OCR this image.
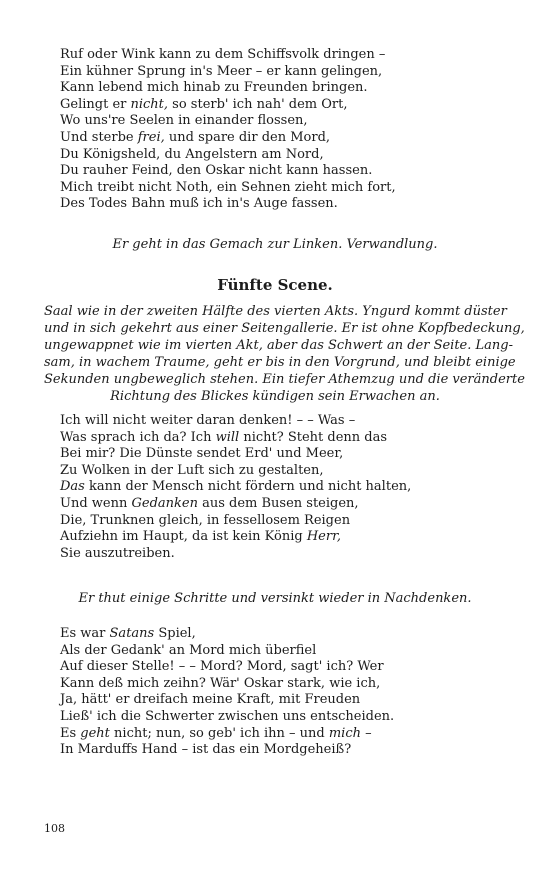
Ruf oder Wink kann zu dem Schiffsvolk dringen –
Ein kühner Sprung in's Meer – er kann gelingen,
Kann lebend mich hinab zu Freunden bringen.
Gelingt er nicht, so sterb' ich nah' dem Ort,
Wo uns're Seelen in einander flossen,
Und sterbe frei, und spare dir den Mord,
Du Königsheld, du Angelstern am Nord,
Du rauher Feind, den Oskar nicht kann hassen.
Mich treibt nicht Noth, ein Sehnen zieht mich fort,
Des Todes Bahn muß ich in's Auge fassen.

Er geht in das Gemach zur Linken. Verwandlung.

Fünfte Scene.
Saal wie in der zweiten Hälfte des vierten Akts. Yngurd kommt düster
und in sich gekehrt aus einer Seitengallerie. Er ist ohne Kopfbedeckung,
ungewappnet wie im vierten Akt, aber das Schwert an der Seite. Lang-
sam, in wachem Traume, geht er bis in den Vorgrund, und bleibt einige
Sekunden ungbeweglich stehen. Ein tiefer Athemzug und die veränderte
Richtung des Blickes kündigen sein Erwachen an.
Ich will nicht weiter daran denken! – – Was –
Was sprach ich da? Ich will nicht? Steht denn das
Bei mir? Die Dünste sendet Erd' und Meer,
Zu Wolken in der Luft sich zu gestalten,
Das kann der Mensch nicht fördern und nicht halten,
Und wenn Gedanken aus dem Busen steigen,
Die, Trunknen gleich, in fessellosem Reigen
Aufziehn im Haupt, da ist kein König Herr,
Sie auszutreiben.

Er thut einige Schritte und versinkt wieder in Nachdenken.

Es war Satans Spiel,
Als der Gedank' an Mord mich überfiel
Auf dieser Stelle! – – Mord? Mord, sagt' ich? Wer
Kann deß mich zeihn? Wär' Oskar stark, wie ich,
Ja, hätt' er dreifach meine Kraft, mit Freuden
Ließ' ich die Schwerter zwischen uns entscheiden.
Es geht nicht; nun, so geb' ich ihn – und mich –
In Marduffs Hand – ist das ein Mordgeheiß?

108
